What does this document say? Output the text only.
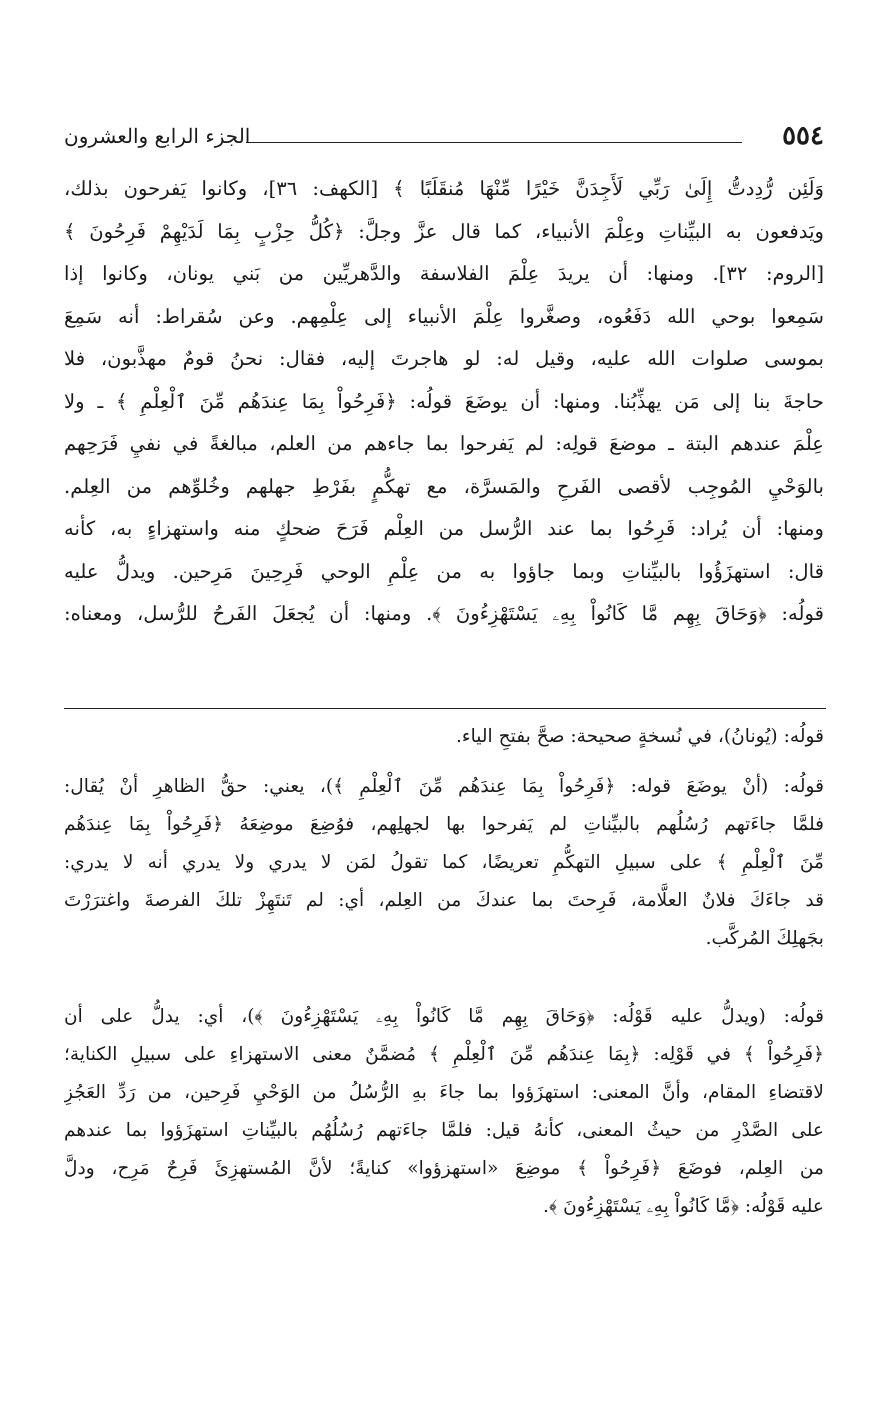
٥٥٤
الجزء الرابع والعشرون
وَلَئِن رُّدِدتُّ إِلَىٰ رَبِّي لَأَجِدَنَّ خَيْرًا مِّنْهَا مُنقَلَبًا ﴾ [الكهف: ٣٦]، وكانوا يَفرحون بذلك،
ويَدفعون به البيِّناتِ وعِلْمَ الأنبياء، كما قال عزَّ وجلَّ: ﴿كُلُّ حِزْبٍ بِمَا لَدَيْهِمْ فَرِحُونَ ﴾
[الروم: ٣٢]. ومنها: أن يريدَ عِلْمَ الفلاسفة والدَّهريِّين من بَني يونان، وكانوا إذا
سَمِعوا بوحي الله دَفَعُوه، وصغَّروا عِلْمَ الأنبياء إلى عِلْمِهم. وعن سُقراط: أنه سَمِعَ
بموسى صلوات الله عليه، وقيل له: لو هاجرتَ إليه، فقال: نحنُ قومٌ مهذَّبون، فلا
حاجةَ بنا إلى مَن يهذِّبُنا. ومنها: أن يوضَعَ قولُه: ﴿فَرِحُواْ بِمَا عِندَهُم مِّنَ ٱلْعِلْمِ ﴾ ـ ولا
عِلْمَ عندهم البتة ـ موضعَ قولِه: لم يَفرحوا بما جاءهم من العلم، مبالغةً في نفيِ فَرَحِهم
بالوَحْيِ المُوجِب لأقصى الفَرحِ والمَسرَّة، مع تهكُّمٍ بفَرْطِ جهلهم وخُلوِّهم من العِلم.
ومنها: أن يُراد: فَرِحُوا بما عند الرُّسل من العِلْم فَرَحَ ضحكٍ منه واستهزاءٍ به، كأنه
قال: استهزَؤُوا بالبيِّناتِ وبما جاؤوا به من عِلْمِ الوحي فَرِحِينَ مَرِحين. ويدلُّ عليه
قولُه: ﴿وَحَاقَ بِهِم مَّا كَانُواْ بِهِۦ يَسْتَهْزِءُونَ ﴾. ومنها: أن يُجعَلَ الفَرحُ للرُّسل، ومعناه:
قولُه: (يُونانُ)، في نُسخةٍ صحيحة: صحَّ بفتحِ الياء.
قولُه: (أنْ يوضَعَ قوله: ﴿فَرِحُواْ بِمَا عِندَهُم مِّنَ ٱلْعِلْمِ ﴾)، يعني: حقُّ الظاهرِ أنْ يُقال:
فلمَّا جاءَتهم رُسُلُهم بالبيِّناتِ لم يَفرحوا بها لجهلِهم، فوُضِعَ موضِعَهُ ﴿فَرِحُواْ بِمَا عِندَهُم
مِّنَ ٱلْعِلْمِ ﴾ على سبيلِ التهكُّمِ تعريضًا، كما تقولُ لمَن لا يدري ولا يدري أنه لا يدري:
قد جاءَكَ فلانٌ العلَّامة، فَرِحتَ بما عندكَ من العِلم، أي: لم تَنتَهِزْ تلكَ الفرصةَ واغترَرْتَ
بجَهلِكَ المُركَّب.
قولُه: (ويدلُّ عليه قَوْلُه: ﴿وَحَاقَ بِهِم مَّا كَانُواْ بِهِۦ يَسْتَهْزِءُونَ ﴾)، أي: يدلُّ على أن
﴿فَرِحُواْ ﴾ في قَوْلِه: ﴿بِمَا عِندَهُم مِّنَ ٱلْعِلْمِ ﴾ مُضمَّنٌ معنى الاستهزاءِ على سبيلِ الكناية؛
لاقتضاءِ المقام، وأنَّ المعنى: استهزَؤوا بما جاءَ بهِ الرُّسُلُ من الوَحْيِ فَرِحين، من رَدِّ العَجُزِ
على الصَّدْرِ من حيثُ المعنى، كأنهُ قيل: فلمَّا جاءَتهم رُسُلُهُم بالبيِّناتِ استهزَؤوا بما عندهم
من العِلم، فوضَعَ ﴿فَرِحُواْ ﴾ موضِعَ «استهزؤوا» كنايةً؛ لأنَّ المُستهزِئَ فَرِحٌ مَرِح، ودلَّ
عليه قَوْلُه: ﴿مَّا كَانُواْ بِهِۦ يَسْتَهْزِءُونَ ﴾.
